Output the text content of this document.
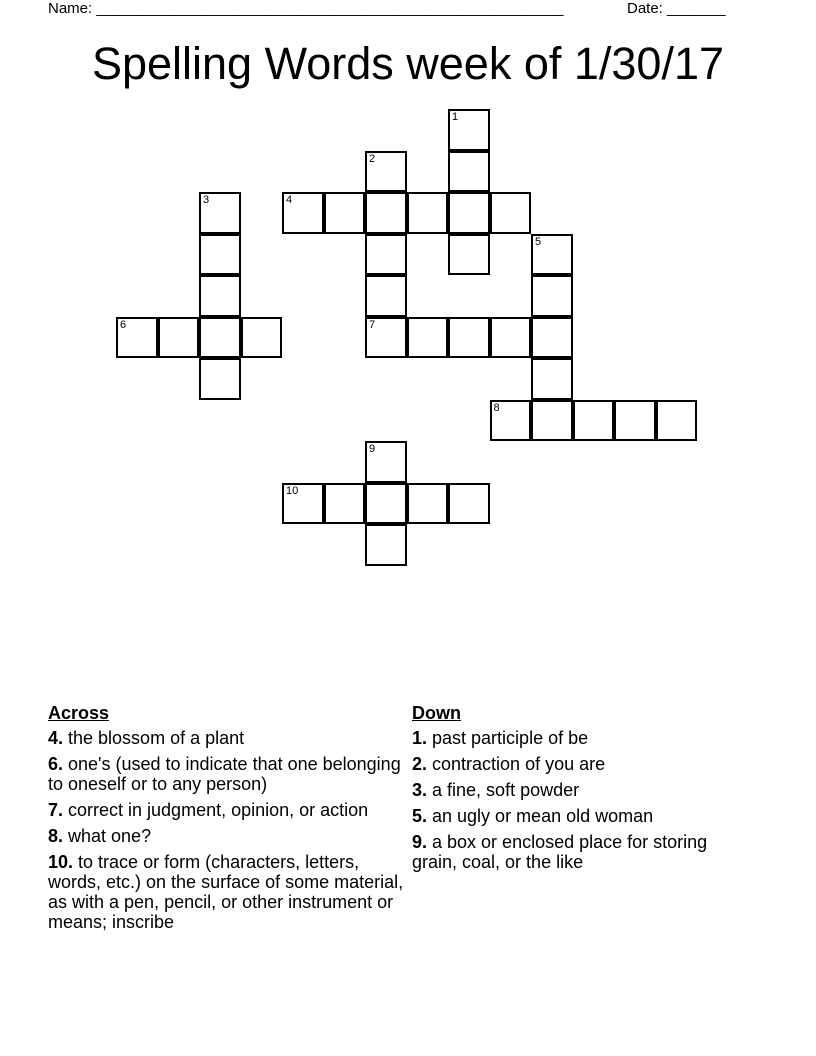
Name: ________________________________________________________	Date: _______
Spelling Words week of 1/30/17
1
2
7
3	4
5
6
8
9
10
Across
4. the blossom of a plant
6. one's (used to indicate that one belonging to oneself or to any person)
7. correct in judgment, opinion, or action
8. what one?
10. to trace or form (characters, letters, words, etc.) on the surface of some material, as with a pen, pencil, or other instrument or means; inscribe
Down
1. past participle of be
2. contraction of you are
3. a fine, soft powder
5. an ugly or mean old woman
9. a box or enclosed place for storing grain, coal, or the like
